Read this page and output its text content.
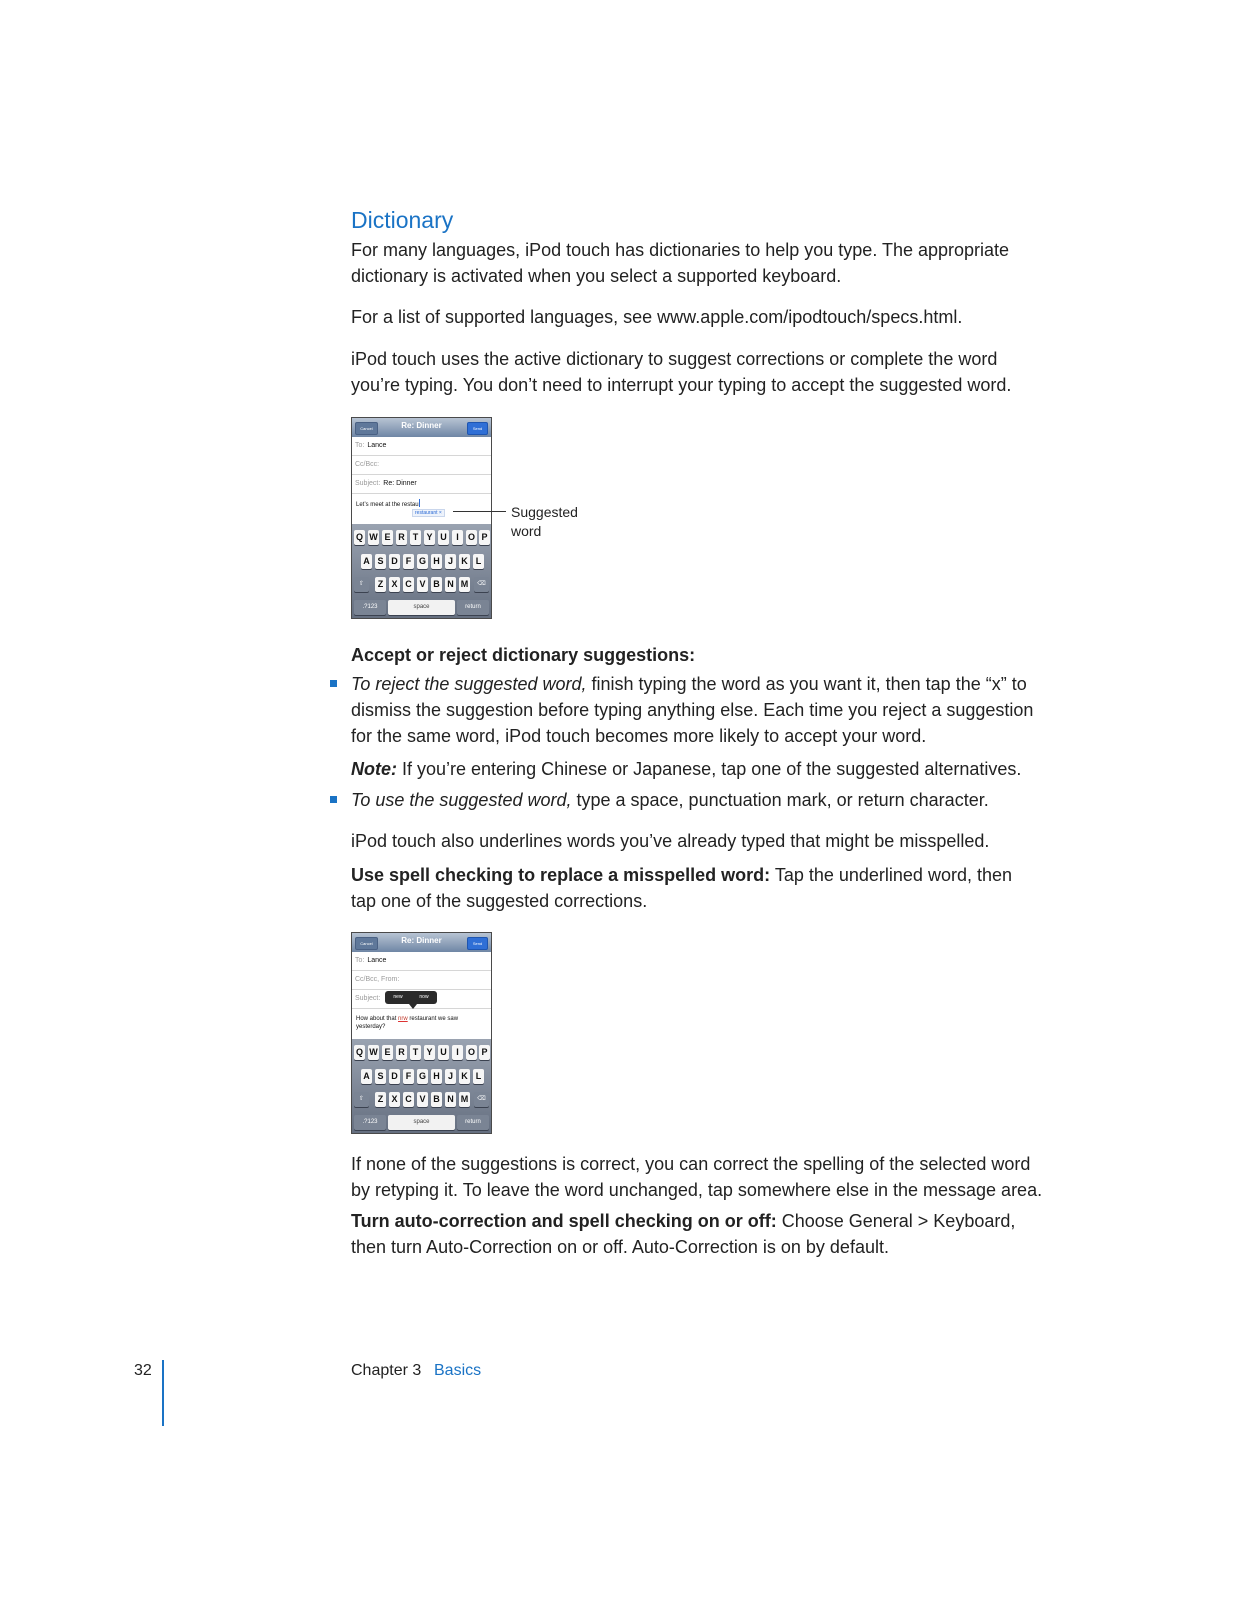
Dictionary

For many languages, iPod touch has dictionaries to help you type. The appropriate dictionary is activated when you select a supported keyboard.

For a list of supported languages, see www.apple.com/ipodtouch/specs.html.

iPod touch uses the active dictionary to suggest corrections or complete the word you’re typing. You don’t need to interrupt your typing to accept the suggested word.

Cancel	Re: Dinner	Send
To: Lance
Cc/Bcc:
Subject: Re: Dinner
Let’s meet at the restau
restaurant ×
Q W E R T Y U	I	O P
A S D F G H J K L
⇧	Z X C V B N M	⌫
.?123	space	return
Suggested
word

Accept or reject dictionary suggestions:

To reject the suggested word, finish typing the word as you want it, then tap the “x” to dismiss the suggestion before typing anything else. Each time you reject a suggestion for the same word, iPod touch becomes more likely to accept your word.

Note: If you’re entering Chinese or Japanese, tap one of the suggested alternatives.

To use the suggested word, type a space, punctuation mark, or return character.

iPod touch also underlines words you’ve already typed that might be misspelled.

Use spell checking to replace a misspelled word: Tap the underlined word, then tap one of the suggested corrections.

Cancel	Re: Dinner	Send
To: Lance
Cc/Bcc, From:
Subject:	new	now
How about that nrw restaurant we saw yesterday?
Q W E R T Y U	I	O P
A S D F G H J K L
⇧	Z X C V B N M	⌫
.?123	space	return

If none of the suggestions is correct, you can correct the spelling of the selected word by retyping it. To leave the word unchanged, tap somewhere else in the message area.

Turn auto-correction and spell checking on or off: Choose General > Keyboard, then turn Auto-Correction on or off. Auto-Correction is on by default.

32	Chapter 3 Basics
